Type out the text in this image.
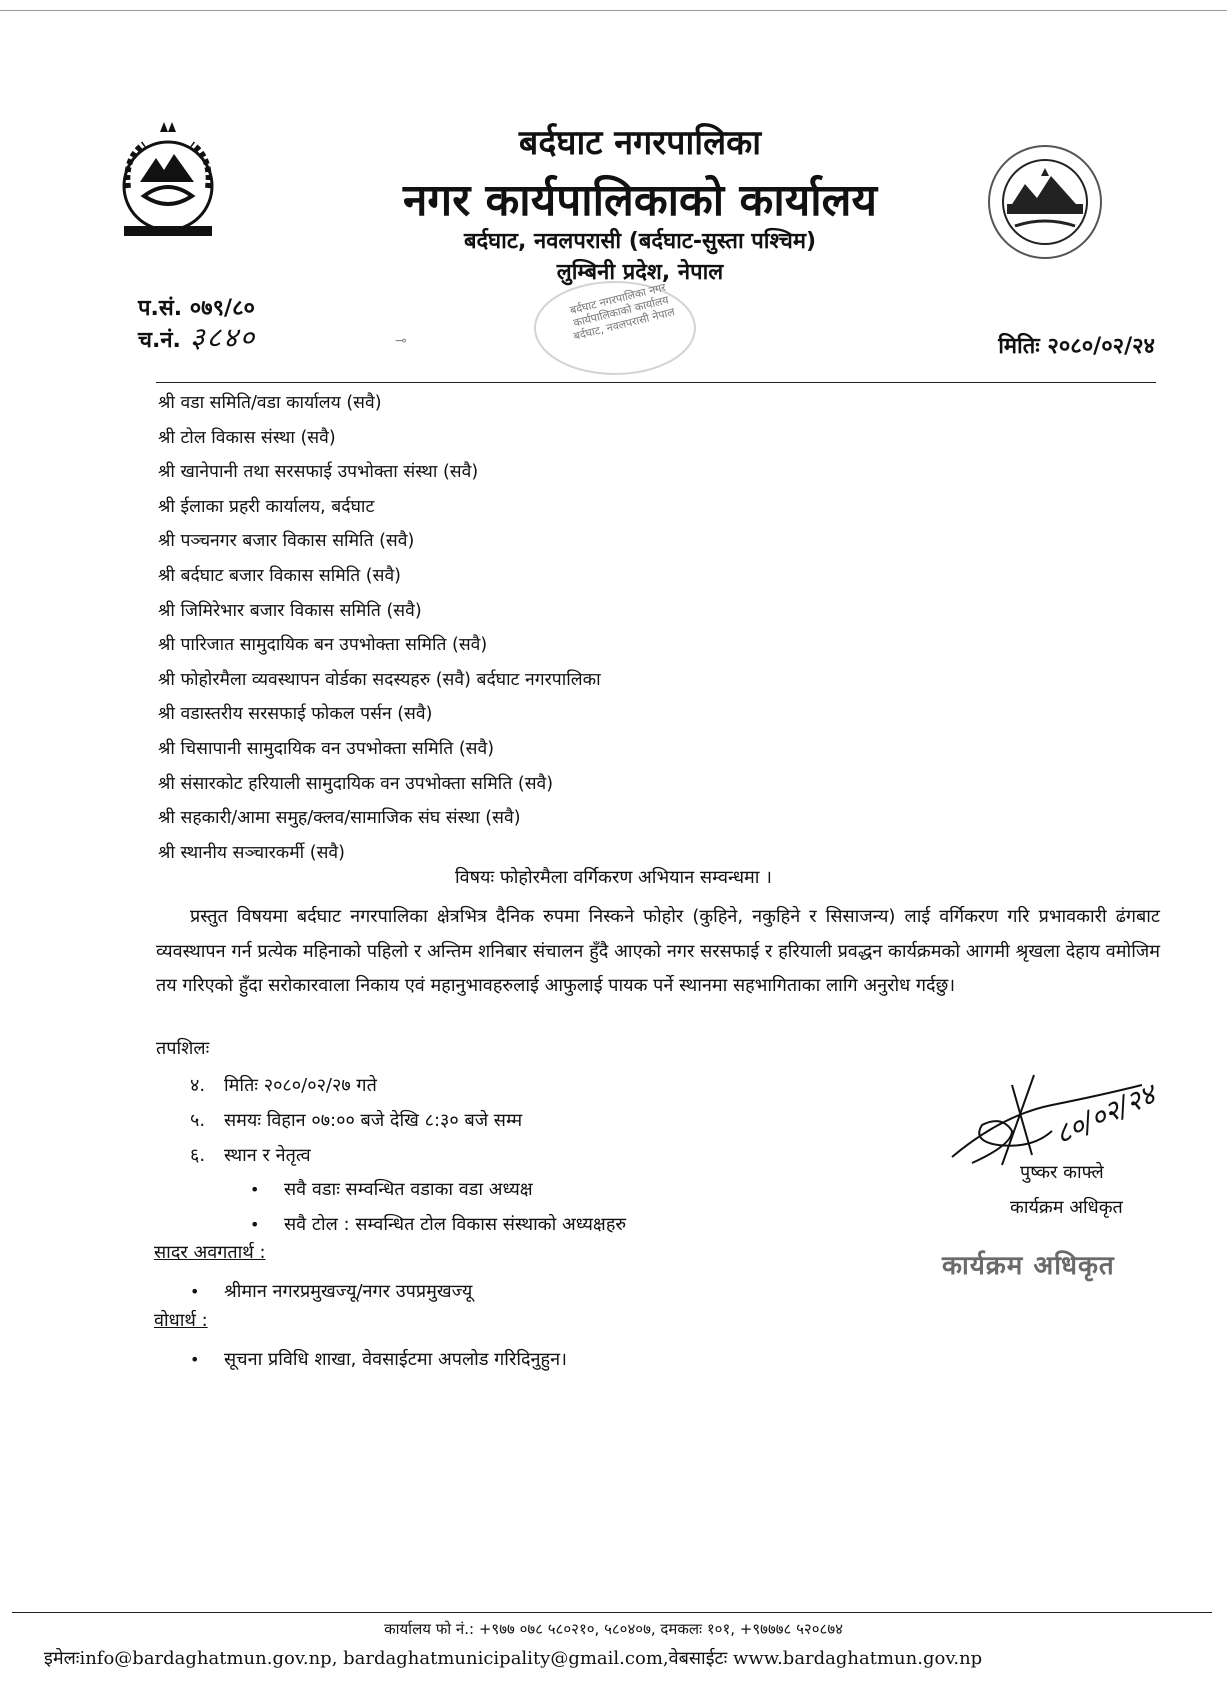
बर्दघाट नगरपालिका
नगर कार्यपालिकाको कार्यालय
बर्दघाट, नवलपरासी (बर्दघाट-सुस्ता पश्चिम)
लुम्बिनी प्रदेश, नेपाल
प.सं. ०७९/८०
च.नं. ३८४०	मितिः २०८०/०२/२४
बर्दघाट नगरपालिका नगर कार्यपालिकाको कार्यालय बर्दघाट, नवलपरासी नेपाल
⊸
श्री वडा समिति/वडा कार्यालय (सवै)
श्री टोल विकास संस्था (सवै)
श्री खानेपानी तथा सरसफाई उपभोक्ता संस्था (सवै)
श्री ईलाका प्रहरी कार्यालय, बर्दघाट
श्री पञ्चनगर बजार विकास समिति (सवै)
श्री बर्दघाट बजार विकास समिति (सवै)
श्री जिमिरेभार बजार विकास समिति (सवै)
श्री पारिजात सामुदायिक बन उपभोक्ता समिति (सवै)
श्री फोहोरमैला व्यवस्थापन वोर्डका सदस्यहरु (सवै) बर्दघाट नगरपालिका
श्री वडास्तरीय सरसफाई फोकल पर्सन (सवै)
श्री चिसापानी सामुदायिक वन उपभोक्ता समिति (सवै)
श्री संसारकोट हरियाली सामुदायिक वन उपभोक्ता समिति (सवै)
श्री सहकारी/आमा समुह/क्लव/सामाजिक संघ संस्था (सवै)
श्री स्थानीय सञ्चारकर्मी (सवै)
विषयः फोहोरमैला वर्गिकरण अभियान सम्वन्धमा ।
प्रस्तुत विषयमा बर्दघाट नगरपालिका क्षेत्रभित्र दैनिक रुपमा निस्कने फोहोर (कुहिने, नकुहिने र सिसाजन्य) लाई वर्गिकरण गरि प्रभावकारी ढंगबाट व्यवस्थापन गर्न प्रत्येक महिनाको पहिलो र अन्तिम शनिबार संचालन हुँदै आएको नगर सरसफाई र हरियाली प्रवद्धन कार्यक्रमको आगमी श्रृखला देहाय वमोजिम तय गरिएको हुँदा सरोकारवाला निकाय एवं महानुभावहरुलाई आफुलाई पायक पर्ने स्थानमा सहभागिताका लागि अनुरोध गर्दछु।
तपशिलः
४. मितिः २०८०/०२/२७ गते
५. समयः विहान ०७:०० बजे देखि ८:३० बजे सम्म
६. स्थान र नेतृत्व
• सवै वडाः सम्वन्धित वडाका वडा अध्यक्ष
• सवै टोल : सम्वन्धित टोल विकास संस्थाको अध्यक्षहरु
८०/०२/२४
पुष्कर काफ्ले
कार्यक्रम अधिकृत
कार्यक्रम अधिकृत
सादर अवगतार्थ :
• श्रीमान नगरप्रमुखज्यू/नगर उपप्रमुखज्यू
वोधार्थ :
• सूचना प्रविधि शाखा, वेवसाईटमा अपलोड गरिदिनुहुन।
कार्यालय फो नं.: +९७७ ०७८ ५८०२१०, ५८०४०७, दमकलः १०१, +९७७७८ ५२०८७४
इमेलःinfo@bardaghatmun.gov.np, bardaghatmunicipality@gmail.com,वेबसाईटः www.bardaghatmun.gov.np
